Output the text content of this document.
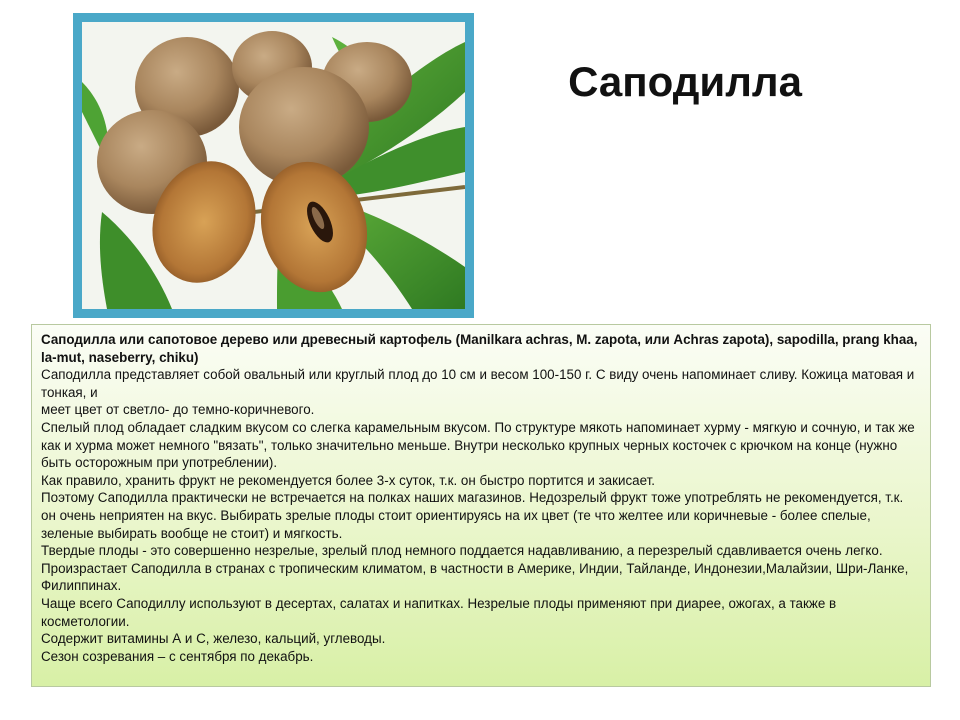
Саподилла

Саподилла или сапотовое дерево или древесный картофель (Manilkara achras, M. zapota, или Achras zapota), sapodilla, prang khaa, la-mut, naseberry, chiku)

Саподилла представляет собой овальный или круглый плод до 10 см и весом 100-150 г. С виду очень напоминает сливу. Кожица матовая и тонкая, и

меет цвет от светло- до темно-коричневого.

Спелый плод обладает сладким вкусом со слегка карамельным вкусом. По структуре мякоть напоминает хурму - мягкую и сочную, и так же как и хурма может немного "вязать", только значительно меньше. Внутри несколько крупных черных косточек с крючком на конце (нужно быть осторожным при употреблении).

Как правило, хранить фрукт не рекомендуется более 3-х суток, т.к. он быстро портится и закисает.

Поэтому Саподилла практически не встречается на полках наших магазинов. Недозрелый фрукт тоже употреблять не рекомендуется, т.к. он очень неприятен на вкус. Выбирать зрелые плоды стоит ориентируясь на их цвет (те что желтее или коричневые - более спелые, зеленые выбирать вообще не стоит) и мягкость.

Твердые плоды - это совершенно незрелые, зрелый плод немного поддается надавливанию, а перезрелый сдавливается очень легко.

Произрастает Саподилла в странах с тропическим климатом, в частности в Америке, Индии, Тайланде, Индонезии,Малайзии, Шри-Ланке, Филиппинах.

Чаще всего Саподиллу используют в десертах, салатах и напитках. Незрелые плоды применяют при диарее, ожогах, а также в косметологии.

Содержит витамины А и С, железо, кальций, углеводы.

Сезон созревания – с сентября по декабрь.
